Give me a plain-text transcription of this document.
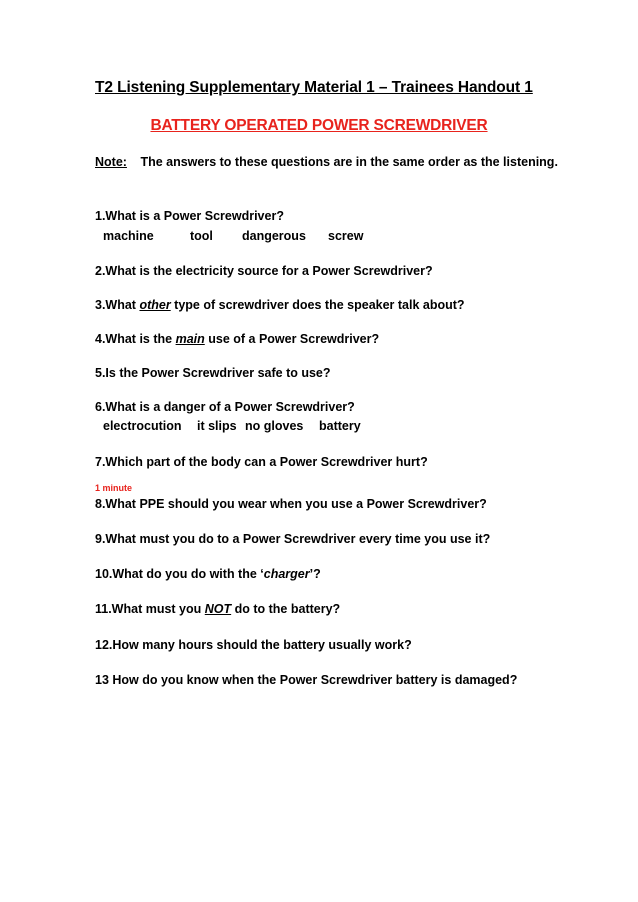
T2 Listening Supplementary Material 1 – Trainees Handout 1
BATTERY OPERATED POWER SCREWDRIVER
Note: The answers to these questions are in the same order as the listening.
1.What is a Power Screwdriver?
machine	tool dangerous screw
2.What is the electricity source for a Power Screwdriver?
3.What other type of screwdriver does the speaker talk about?
4.What is the main use of a Power Screwdriver?
5.Is the Power Screwdriver safe to use?
6.What is a danger of a Power Screwdriver?
electrocution it slips no gloves battery
7.Which part of the body can a Power Screwdriver hurt?
1 minute
8.What PPE should you wear when you use a Power Screwdriver?
9.What must you do to a Power Screwdriver every time you use it?
10.What do you do with the ‘charger’?
11.What must you NOT do to the battery?
12.How many hours should the battery usually work?
13 How do you know when the Power Screwdriver battery is damaged?
